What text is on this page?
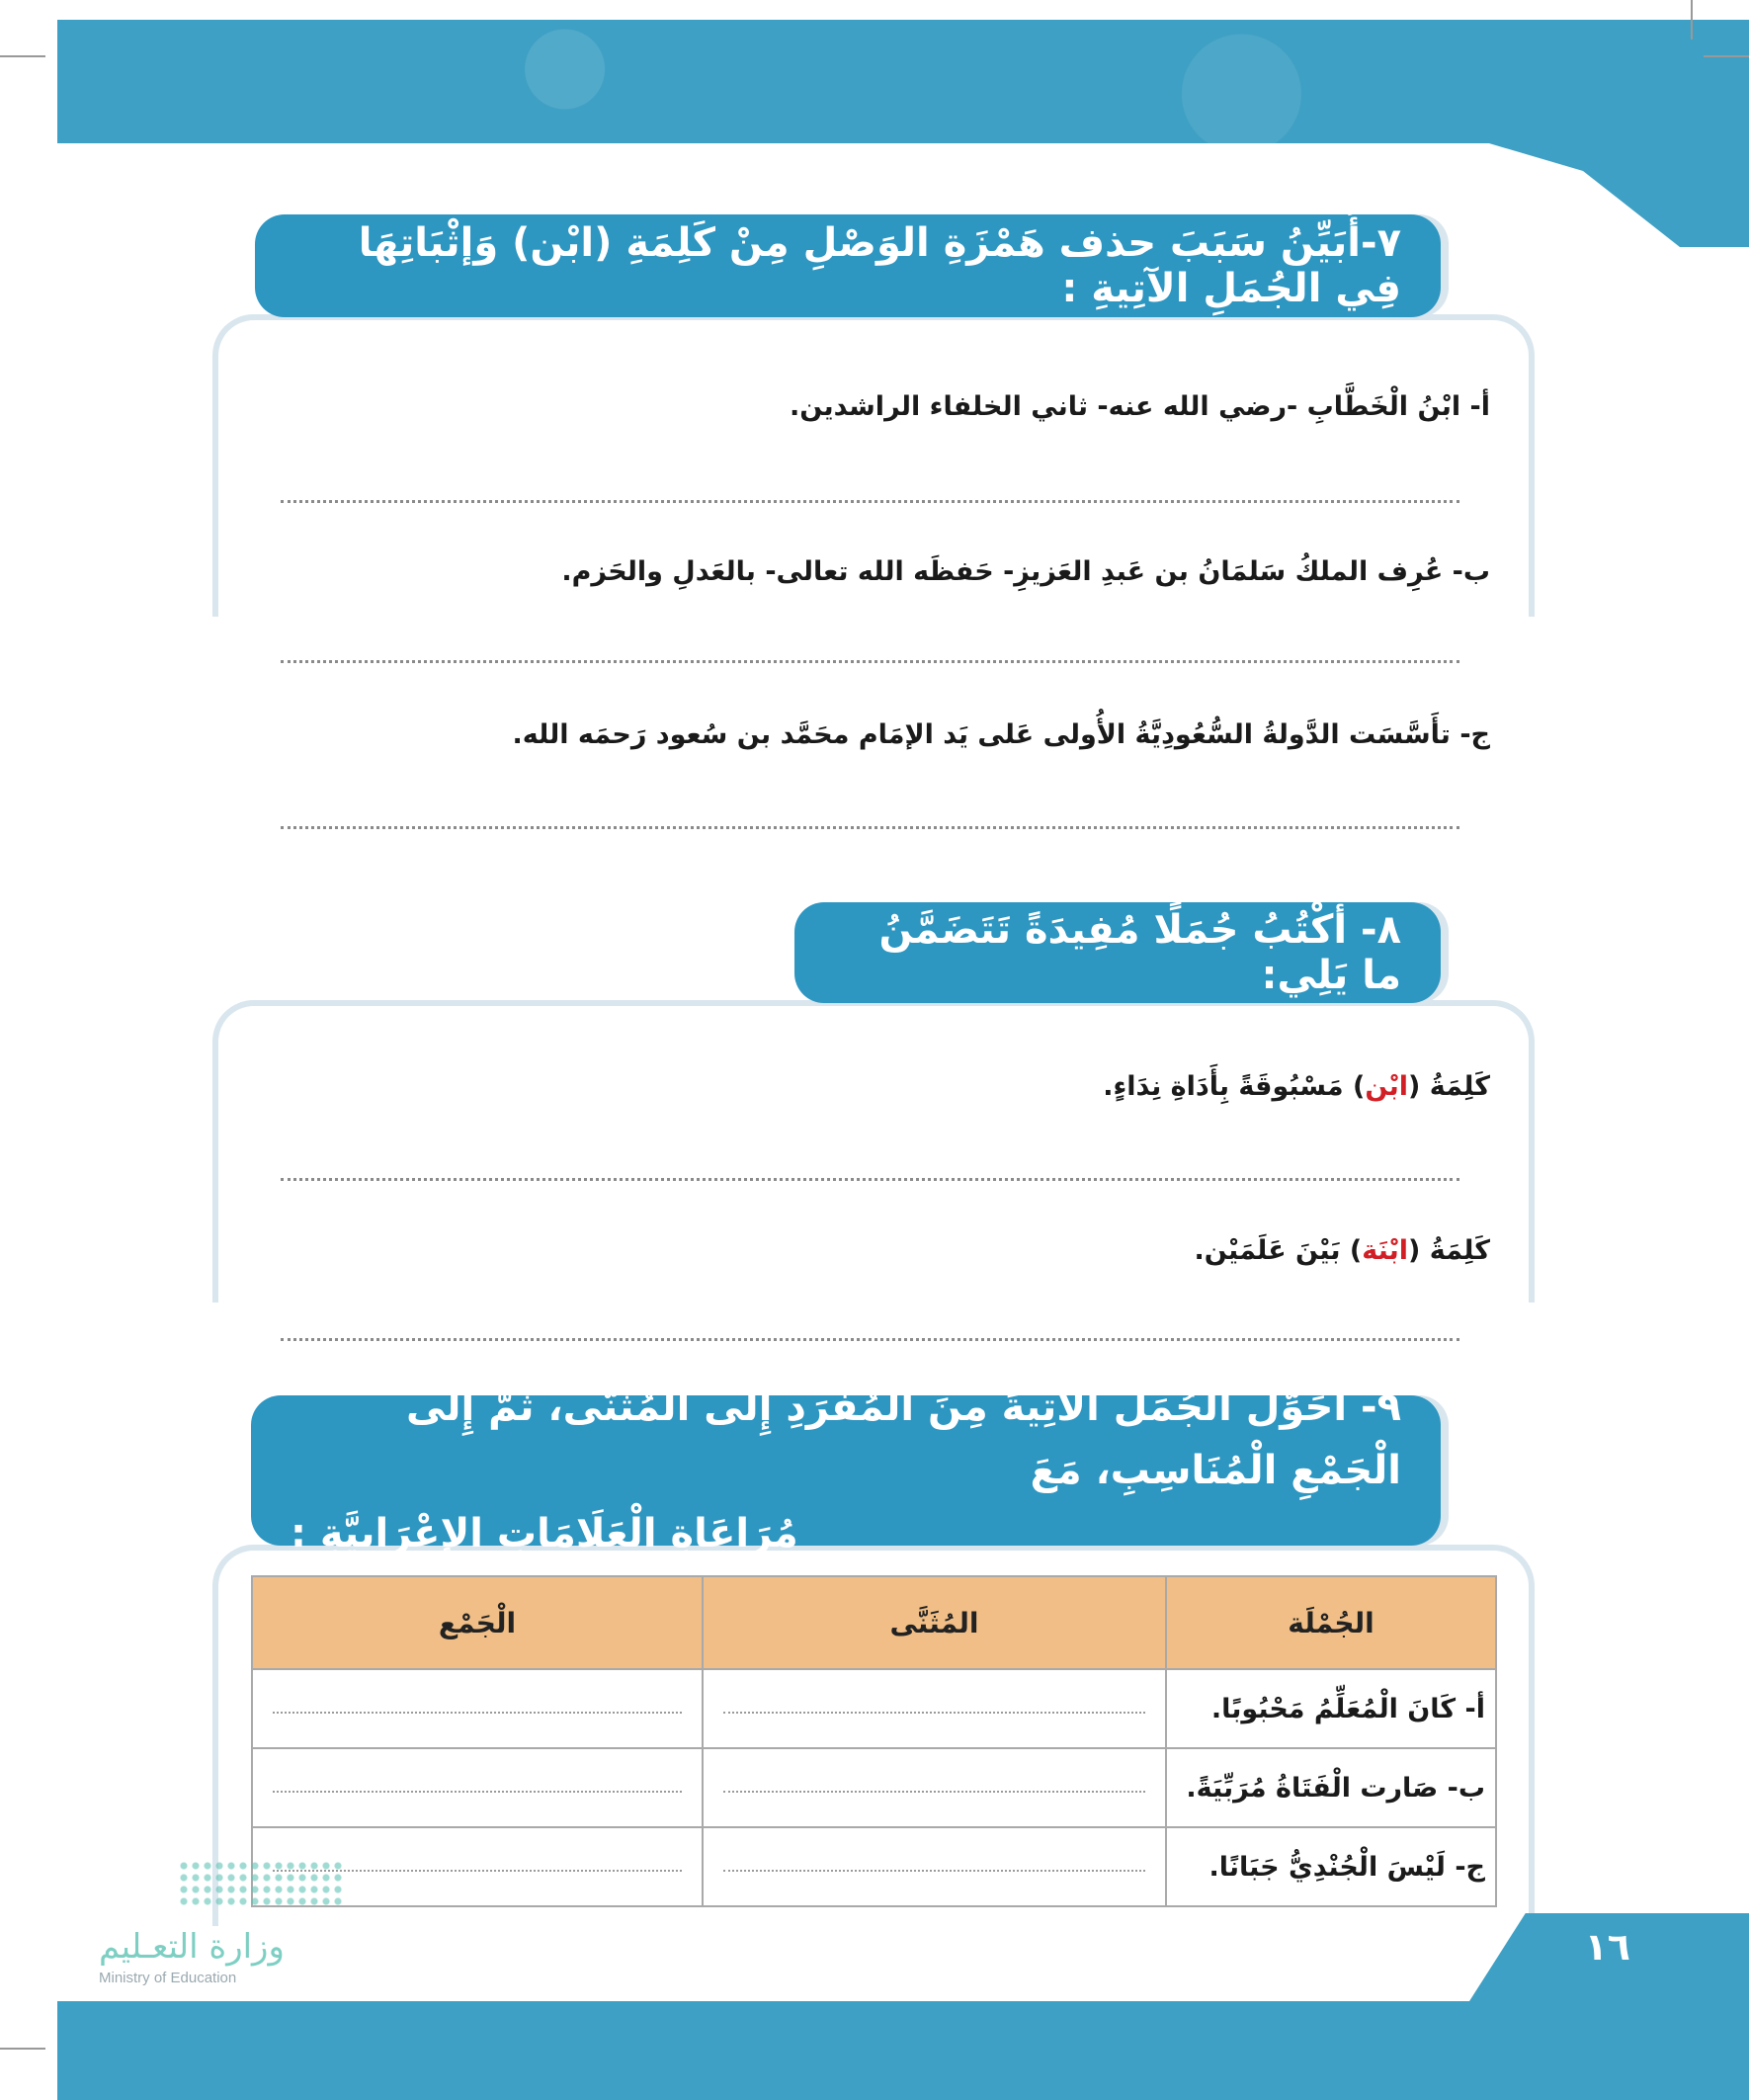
٧-أُبَيِّنُ سَبَبَ حذف هَمْزَةِ الوَصْلِ مِنْ كَلِمَةِ (ابْن) وَإثْبَاتِهَا فِي الجُمَلِ الآتِيةِ :
أ- ابْنُ الْخَطَّابِ -رضي الله عنه- ثاني الخلفاء الراشدين.
ب- عُرِف الملكُ سَلمَانُ بن عَبدِ العَزيزِ- حَفظَه الله تعالى- بالعَدلِ والحَزم.
ج- تأَسَّسَت الدَّولةُ السُّعُودِيَّةُ الأُولى عَلى يَد الإمَام محَمَّد بن سُعود رَحمَه الله.
٨- أكْتُبُ جُمَلًا مُفِيدَةً تَتَضَمَّنُ ما يَلِي:
كَلِمَةُ (ابْن) مَسْبُوقَةً بِأَدَاةِ نِدَاءٍ.
كَلِمَةُ (ابْنَة) بَيْنَ عَلَمَيْن.
٩- أُحَوِّلُ الجُمَلَ الآتِيةَ مِنَ المُفْرَدِ إِلَى المُثَنَّى، ثُمَّ إِلَى الْجَمْعِ الْمُنَاسِبِ، مَعَ
مُرَاعَاةِ الْعَلَامَاتِ الإِعْرَابِيَّةِ :
الجُمْلَة	المُثَنَّى	الْجَمْع
أ- كَانَ الْمُعَلِّمُ مَحْبُوبًا.	

ب- صَارت الْفَتَاةُ مُرَبِّيَةً.	

ج- لَيْسَ الْجُنْدِيُّ جَبَانًا.	

وزارة التعـليم
Ministry of Education
١٦
